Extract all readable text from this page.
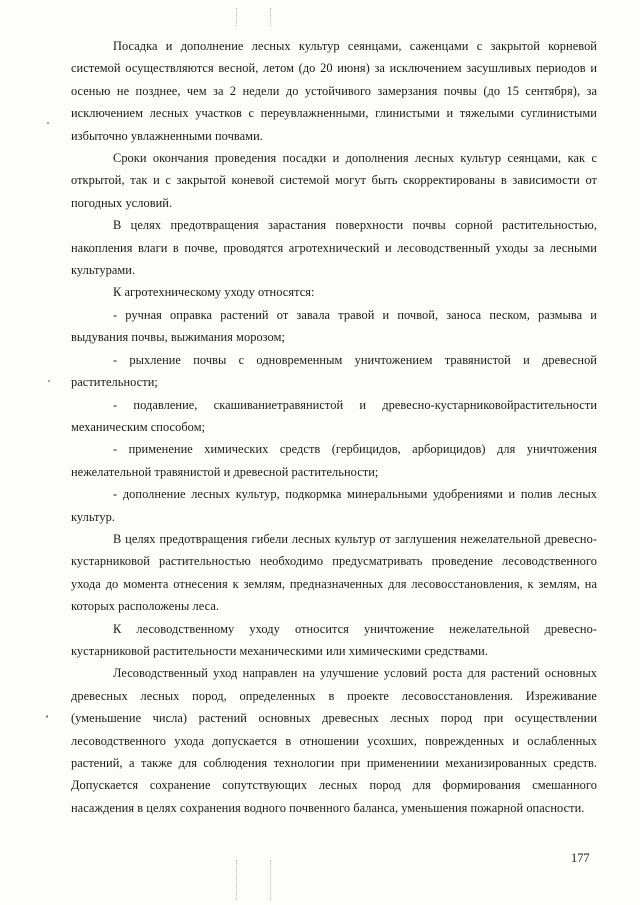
Посадка и дополнение лесных культур сеянцами, саженцами с закрытой корневой системой осуществляются весной, летом (до 20 июня) за исключением засушливых периодов и осенью не позднее, чем за 2 недели до устойчивого замерзания почвы (до 15 сентября), за исключением лесных участков с переувлажненными, глинистыми и тяжелыми суглинистыми избыточно увлажненными почвами.

Сроки окончания проведения посадки и дополнения лесных культур сеянцами, как с открытой, так и с закрытой коневой системой могут быть скорректированы в зависимости от погодных условий.

В целях предотвращения зарастания поверхности почвы сорной растительностью, накопления влаги в почве, проводятся агротехнический и лесоводственный уходы за лесными культурами.

К агротехническому уходу относятся:

- ручная оправка растений от завала травой и почвой, заноса песком, размыва и выдувания почвы, выжимания морозом;

- рыхление почвы с одновременным уничтожением травянистой и древесной растительности;

- подавление, скашиваниетравянистой и древесно-кустарниковойрастительности механическим способом;

- применение химических средств (гербицидов, арборицидов) для уничтожения нежелательной травянистой и древесной растительности;

- дополнение лесных культур, подкормка минеральными удобрениями и полив лесных культур.

В целях предотвращения гибели лесных культур от заглушения нежелательной древесно-кустарниковой растительностью необходимо предусматривать проведение лесоводственного ухода до момента отнесения к землям, предназначенных для лесовосстановления, к землям, на которых расположены леса.

К лесоводственному уходу относится уничтожение нежелательной древесно-кустарниковой растительности механическими или химическими средствами.

Лесоводственный уход направлен на улучшение условий роста для растений основных древесных лесных пород, определенных в проекте лесовосстановления. Изреживание (уменьшение числа) растений основных древесных лесных пород при осуществлении лесоводственного ухода допускается в отношении усохших, поврежденных и ослабленных растений, а также для соблюдения технологии при применениии механизированных средств. Допускается сохранение сопутствующих лесных пород для формирования смешанного насаждения в целях сохранения водного почвенного баланса, уменьшения пожарной опасности.

177
